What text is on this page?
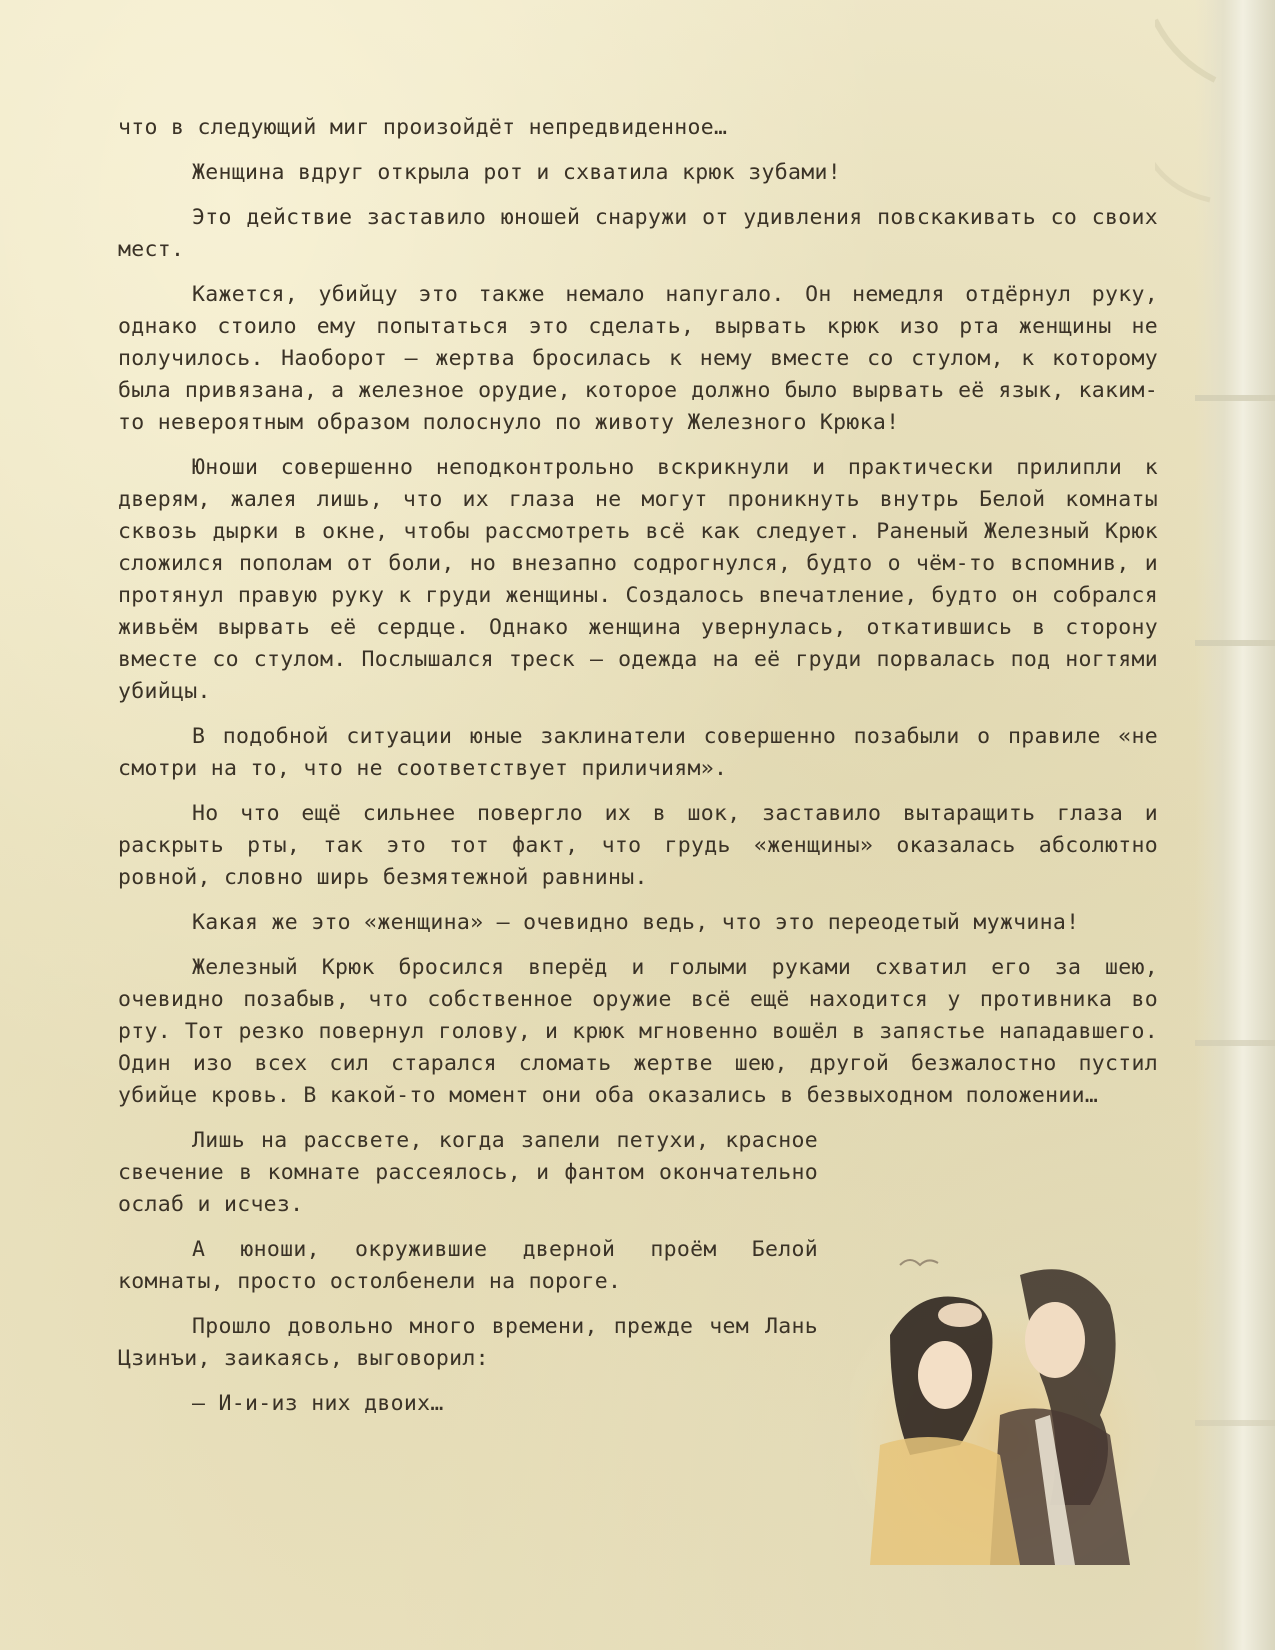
что в следующий миг произойдёт непредвиденное…

Женщина вдруг открыла рот и схватила крюк зубами!

Это действие заставило юношей снаружи от удивления повскакивать со своих мест.

Кажется, убийцу это также немало напугало. Он немедля отдёрнул руку, однако стоило ему попытаться это сделать, вырвать крюк изо рта женщины не получилось. Наоборот — жертва бросилась к нему вместе со стулом, к которому была привязана, а железное орудие, которое должно было вырвать её язык, каким-то невероятным образом полоснуло по животу Железного Крюка!

Юноши совершенно неподконтрольно вскрикнули и практически прилипли к дверям, жалея лишь, что их глаза не могут проникнуть внутрь Белой комнаты сквозь дырки в окне, чтобы рассмотреть всё как следует. Раненый Железный Крюк сложился пополам от боли, но внезапно содрогнулся, будто о чём-то вспомнив, и протянул правую руку к груди женщины. Создалось впечатление, будто он собрался живьём вырвать её сердце. Однако женщина увернулась, откатившись в сторону вместе со стулом. Послышался треск — одежда на её груди порвалась под ногтями убийцы.

В подобной ситуации юные заклинатели совершенно позабыли о правиле «не смотри на то, что не соответствует приличиям».

Но что ещё сильнее повергло их в шок, заставило вытаращить глаза и раскрыть рты, так это тот факт, что грудь «женщины» оказалась абсолютно ровной, словно ширь безмятежной равнины.

Какая же это «женщина» — очевидно ведь, что это переодетый мужчина!

Железный Крюк бросился вперёд и голыми руками схватил его за шею, очевидно позабыв, что собственное оружие всё ещё находится у противника во рту. Тот резко повернул голову, и крюк мгновенно вошёл в запястье нападавшего. Один изо всех сил старался сломать жертве шею, другой безжалостно пустил убийце кровь. В какой-то момент они оба оказались в безвыходном положении…

Лишь на рассвете, когда запели петухи, красное свечение в комнате рассеялось, и фантом окончательно ослаб и исчез.

А юноши, окружившие дверной проём Белой комнаты, просто остолбенели на пороге.

Прошло довольно много времени, прежде чем Лань Цзинъи, заикаясь, выговорил:

— И-и-из них двоих…
